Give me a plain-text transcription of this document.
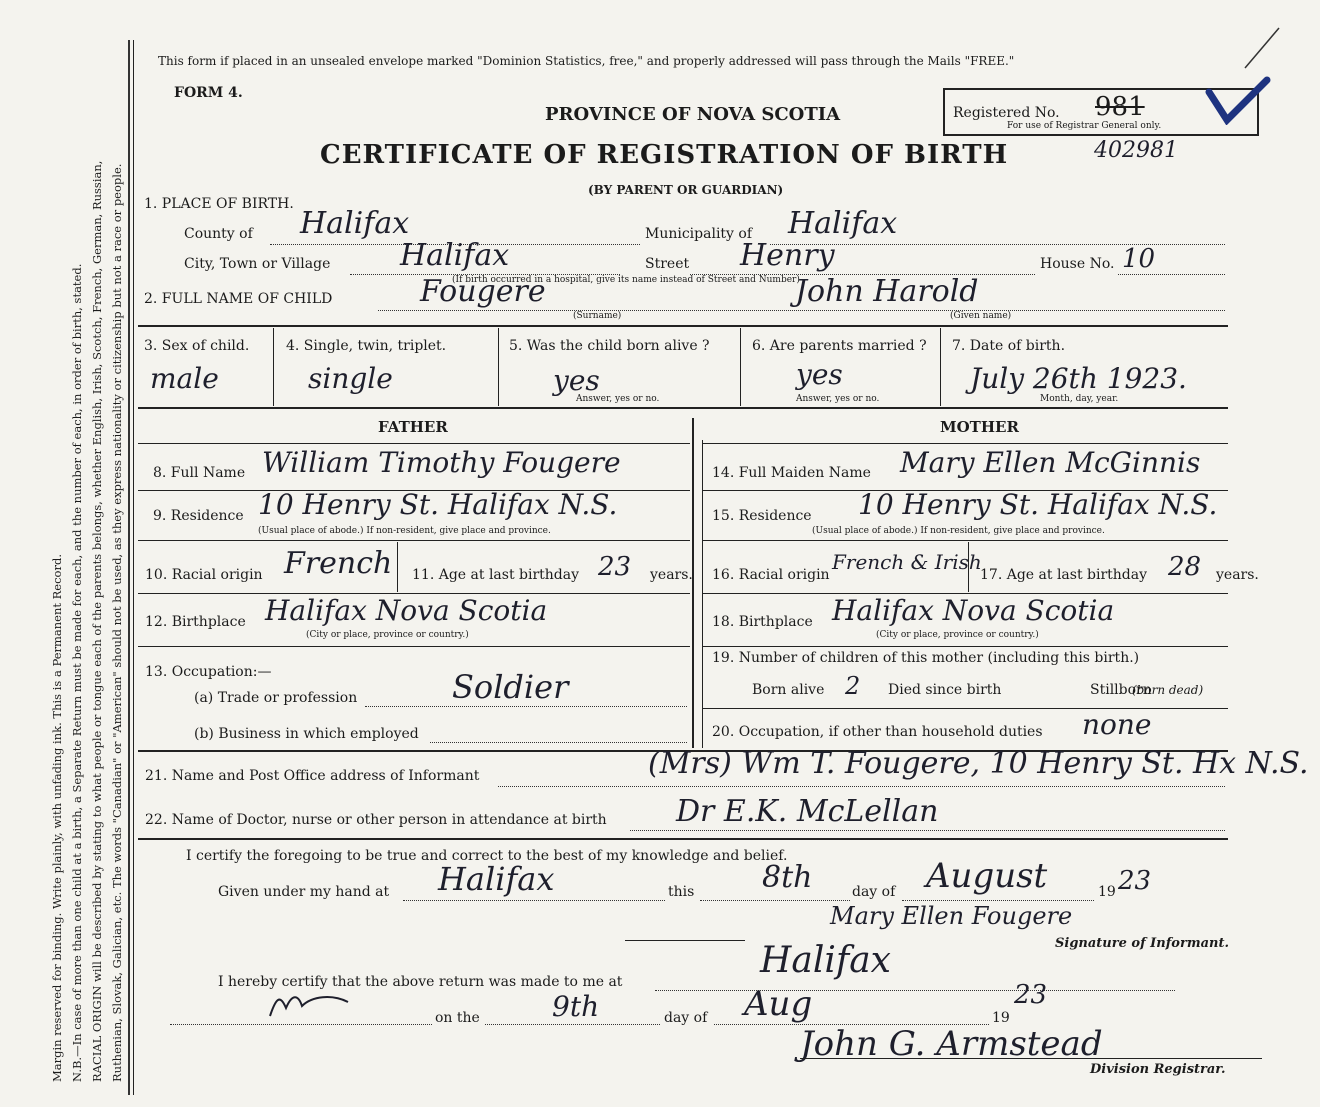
Margin reserved for binding. Write plainly, with unfading ink. This is a Permanent Record. N.B.—In case of more than one child at a birth, a Separate Return must be made for each, and the number of each, in order of birth, stated. RACIAL ORIGIN will be described by stating to what people or tongue each of the parents belongs, whether English, Irish, Scotch, French, German, Russian, Ruthenian, Slovak, Galician, etc. The words "Canadian" or "American" should not be used, as they express nationality or citizenship but not a race or people.
This form if placed in an unsealed envelope marked "Dominion Statistics, free," and properly addressed will pass through the Mails "FREE."
FORM 4.
PROVINCE OF NOVA SCOTIA
CERTIFICATE OF REGISTRATION OF BIRTH	402981
(BY PARENT OR GUARDIAN)
Registered No. 981
For use of Registrar General only.
1. PLACE OF BIRTH.
County of Halifax	Municipality of Halifax
City, Town or Village Halifax	Street Henry	House No. 10
(If birth occurred in a hospital, give its name instead of Street and Number)
2. FULL NAME OF CHILD	Fougere
(Surname)
John Harold
(Given name)
3. Sex of child.
male
4. Single, twin, triplet.
single
5. Was the child born alive ?
yes
Answer, yes or no.
6. Are parents married ?
yes
Answer, yes or no.
7. Date of birth.
July 26th 1923.
Month, day, year.
FATHER
8. Full Name William Timothy Fougere
9. Residence 10 Henry St. Halifax N.S.
(Usual place of abode.) If non-resident, give place and province.
10. Racial origin French 11. Age at last birthday 23 years.
12. Birthplace Halifax Nova Scotia
(City or place, province or country.)
13. Occupation:—
(a) Trade or profession	Soldier
(b) Business in which employed
MOTHER
14. Full Maiden Name Mary Ellen McGinnis
15. Residence 10 Henry St. Halifax N.S.
(Usual place of abode.) If non-resident, give place and province.
16. Racial origin
French & Irish
17. Age at last birthday 28 years.
18. Birthplace Halifax Nova Scotia
(City or place, province or country.)
19. Number of children of this mother (including this birth.)
Born alive 2 Died since birth	Stillborn
(born dead)
20. Occupation, if other than household duties none
21. Name and Post Office address of Informant	(Mrs) Wm T. Fougere, 10 Henry St. Hx N.S.
22. Name of Doctor, nurse or other person in attendance at birth Dr E.K. McLellan
I certify the foregoing to be true and correct to the best of my knowledge and belief.
Given under my hand at Halifax	this 8th	day of August	19 23
Mary Ellen Fougere
Signature of Informant.
I hereby certify that the above return was made to me at
Halifax
on the	9th	day of Aug	19
23
John G. Armstead
Division Registrar.
